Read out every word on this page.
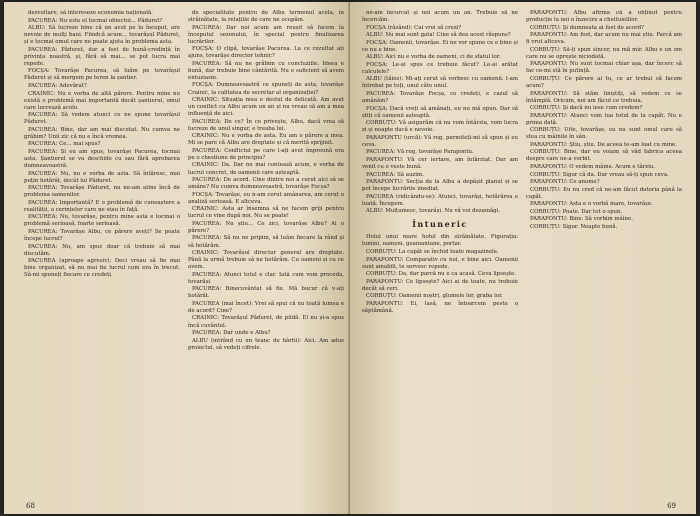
dezvoltare, să intereseze economia națională.

PACUREA: Nu este el tocmai obiectul... Păduret?

ALBU: Să lucreze bine că un avut pe la început, are nevoie de mulți bani. Fiindcă acum... tovarășul Păduret, și e tocmai omul care ne poate ajuta în problema asta.

PACUREA: Păduret, dar a fost de bună-credință în privința noastră, și, fără să mai... se pot lucra mai repede.

FOCȘA: Tovarășe Pacurea, să luăm pe tovarășul Păduret și să mergem pe teren la șantier.

PACUREA: Adevărat?

CRAINIC: Nu e vorba de altă părere. Pentru mine nu există o problemă mai importantă decât șantierul, omul care lucrează acolo.

PACUREA: Să vedem atunci ce ne spune tovarășul Păduret.

PACUREA: Bine, dar am mai discutat. Nu cumva ne grăbim? Unii zic că nu e încă vremea.

PACUREA: Ce... mai spus?

PACUREA: Și eu am spus, tovarășe Pacurea, tocmai asta. Șantierul se va deschide cu sau fără aprobarea dumneavoastră.

PACUREA: Nu, nu e vorba de asta. Să întăresc, mai puțin hotărât, decât lui Păduret.

PACUREA: Tovarășe Păduret, nu ne-am atins încă de problema oamenilor.

PACUREA: Importantă? E o problemă de cunoaștere a realității, a cerințelor care ne stau în față.

PACUREA: Nu, tovarășe, pentru mine asta e tocmai o problemă serioasă, foarte serioasă.

PACUREA: Tovarășe Albu, ce părere aveți? Se poate începe lucrul?

PACUREA: Nu, am spus doar că trebuie să mai discutăm.

PACUREA (aproape agresiv): Deci vreau să fie mai bine organizat, să nu mai fie lucrul cum era în trecut. Să-mi spuneți fiecare ce credeți.

de specialitate pentru de Albu termenul acela, în străinătate, la relațiile de care ne ocupăm.

PACUREA: Dar noi acum am reușit să facem la începutul sezonului, în special pentru finalizarea lucrărilor.

FOCȘA: O clipă, tovarășe Pacurea. La ce rezultat ați ajuns, tovarășe director tehnic?

PACUREA: Să nu ne grăbim cu concluziile. Ideea e bună, dar trebuie bine cântărită. Nu e suficient să avem entuziasm.

FOCȘA: Dumneavoastră ce spuneți de asta, tovarășe Crainic, la calitatea de secretar al organizației?

CRAINIC: Situația mea e destul de delicată. Am avut un conflict cu Albu acum un an și nu vreau să am a mea influență de aici.

PACUREA: De ce? În ce privește, Albu, dacă vrea să lucreze de unul singur, e treaba lui.

CRAINIC: Nu e vorba de asta. Eu am o părere a mea. Mi se pare că Albu are dreptate și că merită sprijinit.

PACUREA: Conflictul pe care l-ați avut împreună era pe o chestiune de principiu?

CRAINIC: Da. Dar nu mai contează acum, e vorba de lucrul concret, de oamenii care așteaptă.

PACUREA: De acord. Cine dintre noi a cerut aici să se amâne? Nu cumva dumneavoastră, tovarășe Focșa?

FOCȘA: Tovarășe, eu n-am cerut amânarea, am cerut o analiză serioasă. E altceva.

CRAINIC: Asta ar însemna să ne facem griji pentru lucrul ce vine după noi. Nu se poate!

PACUREA: Nu știu... Ce zici, tovarășe Albu? Ai o părere?

PACUREA: Să nu ne pripim, să luăm fiecare la rând și să hotărâm.

CRAINIC: Tovarășul director general are dreptate. Până la urmă trebuie să ne hotărâm. Cu oameni și cu ce avem.

PACUREA: Atunci totul e clar. Iată cum vom proceda, tovarăși.

PACUREA: Binecuvântat să fie. Mă bucur că v-ați hotărât.

PACUREA (mai încet): Vrei să spui că nu toată lumea e de acord? Cine?

CRAINIC: Tovarășul Păduret, de pildă. El nu și-a spus încă cuvântul.

PACUREA: Dar unde e Albu?

ALBU (intrând cu un teanc de hârtii): Aici. Am adus proiectul, să vedeți cifrele.

68

ne-am încurcat și noi acum un an. Trebuie să ne încercăm.

FOCȘA (râzând): Cui vrei să crezi?

ALBU: Nu mai sunt gata! Cine să dea acest răspuns?

FOCȘA: Oamenii, tovarășe. Ei ne vor spune ce e bine și ce nu e bine.

ALBU: Aici nu e vorba de oameni, ci de sfatul lor.

FOCȘA: Le-ai spus ce trebuie făcut? Le-ai arătat calculele?

ALBU (tăios): Mi-ați cerut să vorbesc cu oamenii. I-am întrebat pe toți, unul câte unul.

PACUREA: Tovarășe Focșa, ce credeți, e cazul să amânăm?

FOCȘA: Dacă vreți să amânați, eu nu mă opun. Dar să știți că oamenii așteaptă.

CORBUȚU: Vă asigurăm că nu vom întârzia, vom lucra zi și noapte dacă e nevoie.

PARAPONTU (urcă): Vă rog, permiteți-mi să spun și eu ceva.

PACUREA: Vă rog, tovarășe Parapontu.

PARAPONTU: Vă cer iertare, am întârziat. Dar am venit cu o veste bună.

PACUREA: Să auzim.

PARAPONTU: Secția de la Albu a depășit planul și se pot începe lucrările imediat.

PACUREA (ridicându-se): Atunci, tovarăși, hotărârea e luată. Începem.

ALBU: Mulțumesc, tovarăși. Nu vă voi dezamăgi.

Întuneric

Holul unui mare hotel din străinătate. Figurația: lumini, oameni, geamantane, portar.

CORBUȚU: La capăt se închid toate magazinele.

PARAPONTU: Comparativ cu noi, e bine aici. Oamenii sunt amabili, te servesc repede.

CORBUȚU: Da, dar parcă nu e ca acasă. Ceva lipsește.

PARAPONTU: Ce lipsește? Aici ai de toate, nu trebuie decât să ceri.

CORBUȚU: Oamenii noștri, glumele lor, graba lor.

PARAPONTU: Ei, lasă, ne întoarcem peste o săptămână.

PARAPONTU: Albu afirma că a obținut pentru producție la noi o înzecire a cheltuielilor.

CORBUȚU: Și dumneata ai fost de acord?

PARAPONTU: Am fost, dar acum nu mai știu. Parcă am fi vrut altceva.

CORBUȚU: Să-ți spun sincer, nu mă mir. Albu e un om care nu se oprește niciodată.

PARAPONTU: Nu sunt tocmai chiar așa, dar încerc să fac ce-mi stă în putință.

CORBUȚU: Ce părere ai tu, ce ar trebui să facem acum?

PARAPONTU: Să stăm liniștiți, să vedem ce se întâmplă. Oricum, noi am făcut ce trebuia.

CORBUȚU: Și dacă nu iese cum credem?

PARAPONTU: Atunci vom lua totul de la capăt. Nu e prima dată.

CORBUȚU: Uite, tovarășe, eu nu sunt omul care să stea cu mâinile în sân.

PARAPONTU: Știu, știu. De aceea te-am luat cu mine.

CORBUȚU: Bine, dar eu voiam să văd fabrica aceea despre care ne-a vorbit.

PARAPONTU: O vedem mâine. Acum e târziu.

CORBUȚU: Sigur că da. Dar vreau să-ți spun ceva.

PARAPONTU: Ce anume?

CORBUȚU: Eu nu cred că ne-am făcut datoria până la capăt.

PARAPONTU: Asta e o vorbă mare, tovarășe.

CORBUȚU: Poate. Dar tot o spun.

PARAPONTU: Bine. Să vorbim mâine.

CORBUȚU: Sigur. Noapte bună.

69
